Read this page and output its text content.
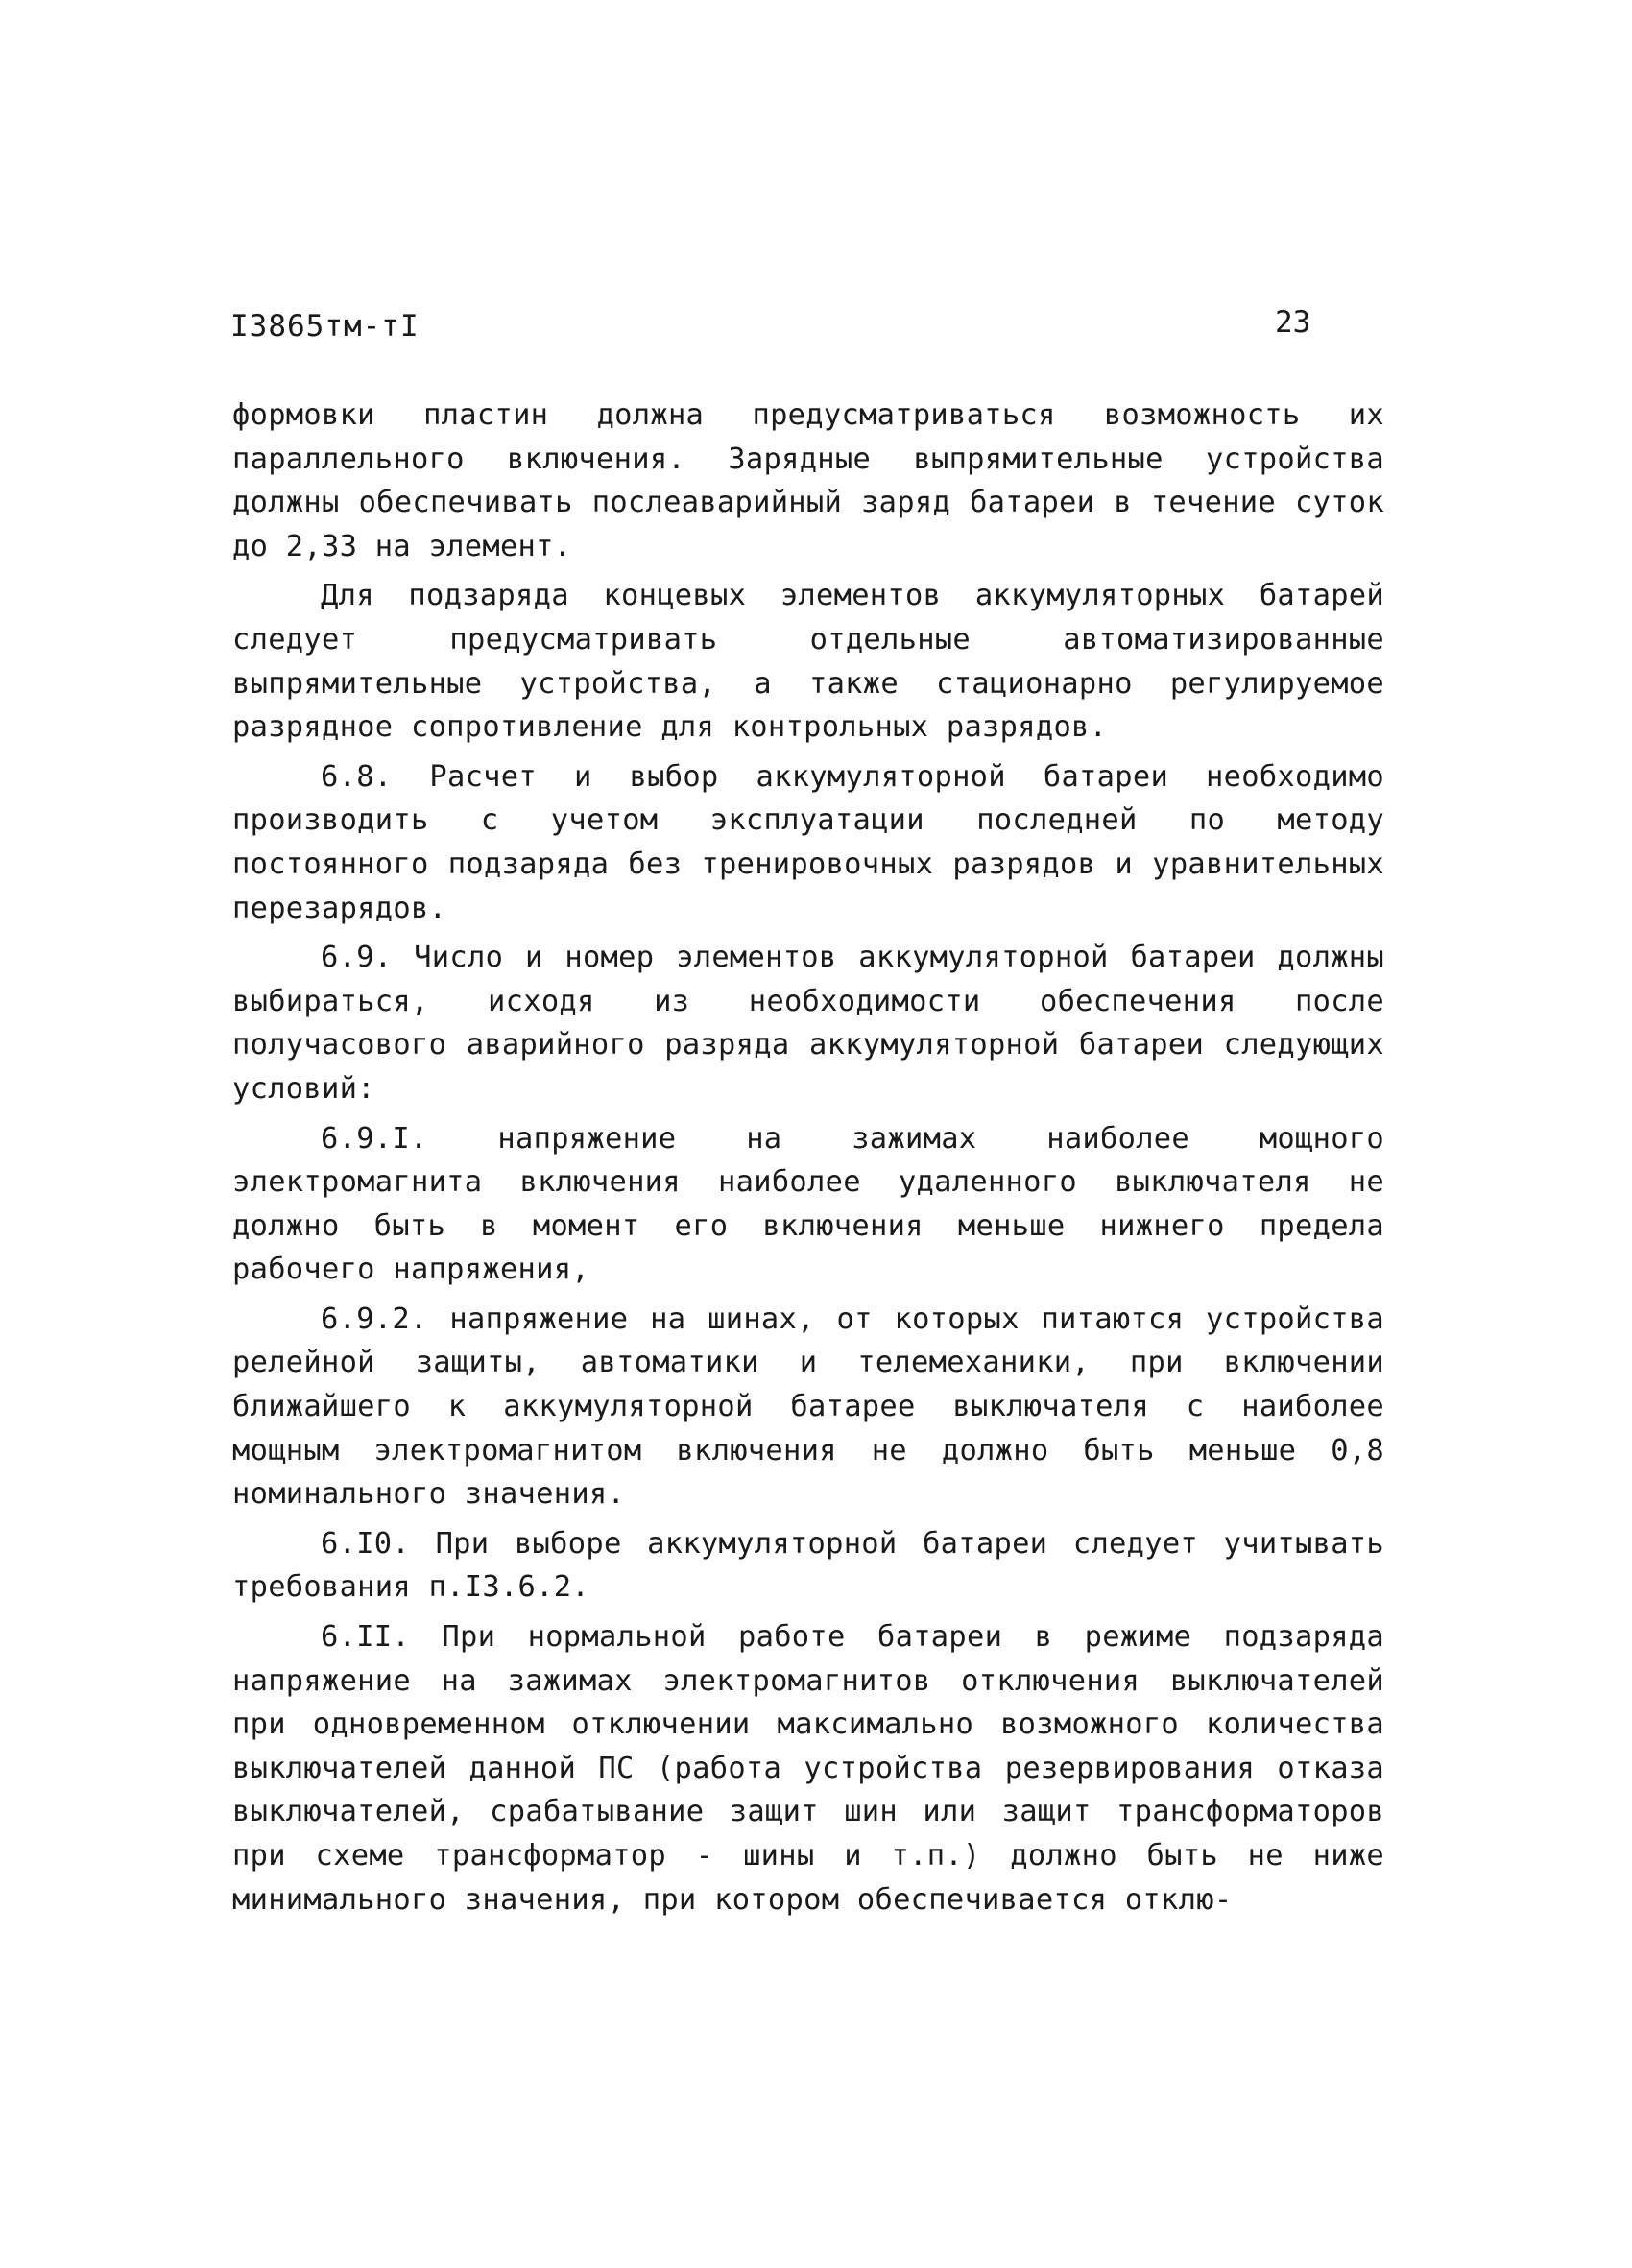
I3865тм-тI	23

формовки пластин должна предусматриваться возможность их параллельного включения. Зарядные выпрямительные устройства должны обеспечивать послеаварийный заряд батареи в течение суток до 2,33 на элемент.

Для подзаряда концевых элементов аккумуляторных батарей следует предусматривать отдельные автоматизированные выпрямительные устройства, а также стационарно регулируемое разрядное сопротивление для контрольных разрядов.

6.8. Расчет и выбор аккумуляторной батареи необходимо производить с учетом эксплуатации последней по методу постоянного подзаряда без тренировочных разрядов и уравнительных перезарядов.

6.9. Число и номер элементов аккумуляторной батареи должны выбираться, исходя из необходимости обеспечения после получасового аварийного разряда аккумуляторной батареи следующих условий:

6.9.I. напряжение на зажимах наиболее мощного электромагнита включения наиболее удаленного выключателя не должно быть в момент его включения меньше нижнего предела рабочего напряжения,

6.9.2. напряжение на шинах, от которых питаются устройства релейной защиты, автоматики и телемеханики, при включении ближайшего к аккумуляторной батарее выключателя с наиболее мощным электромагнитом включения не должно быть меньше 0,8 номинального значения.

6.I0. При выборе аккумуляторной батареи следует учитывать требования п.I3.6.2.

6.II. При нормальной работе батареи в режиме подзаряда напряжение на зажимах электромагнитов отключения выключателей при одновременном отключении максимально возможного количества выключателей данной ПС (работа устройства резервирования отказа выключателей, срабатывание защит шин или защит трансформаторов при схеме трансформатор - шины и т.п.) должно быть не ниже минимального значения, при котором обеспечивается отклю-
